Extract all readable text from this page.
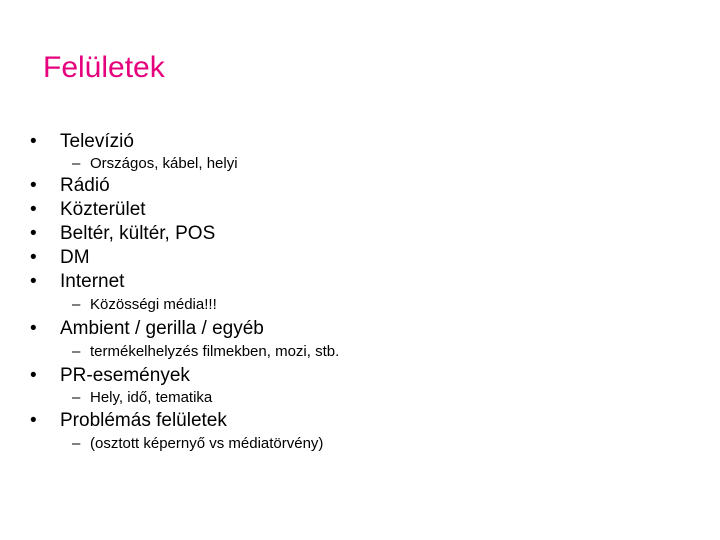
Felületek
• Televízió
– Országos, kábel, helyi
• Rádió
• Közterület
• Beltér, kültér, POS
• DM
• Internet
– Közösségi média!!!
• Ambient / gerilla / egyéb
– termékelhelyzés filmekben, mozi, stb.
• PR-események
– Hely, idő, tematika
• Problémás felületek
– (osztott képernyő vs médiatörvény)
